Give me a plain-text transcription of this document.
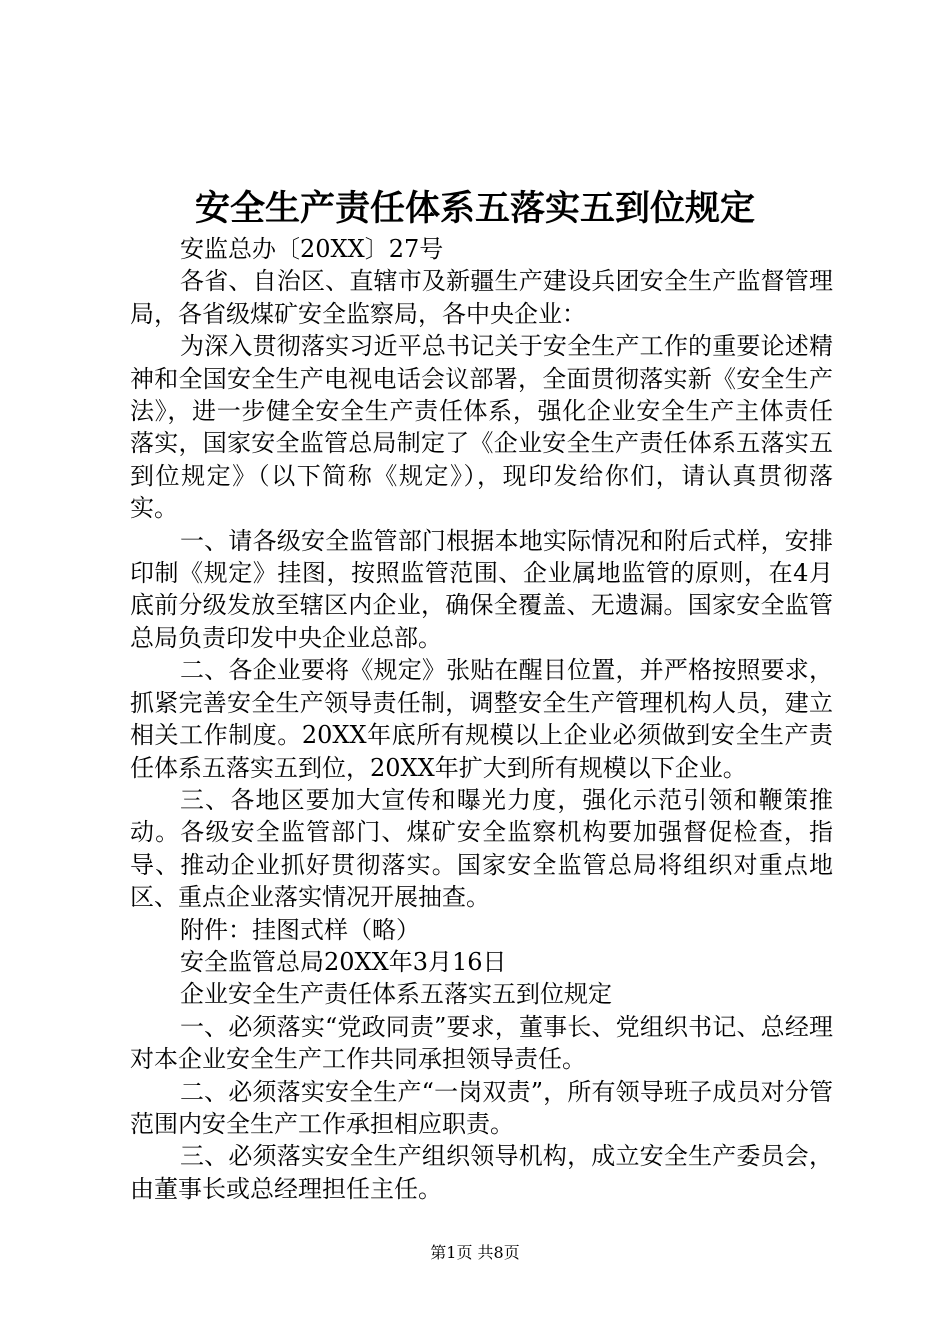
安全生产责任体系五落实五到位规定

安监总办〔20XX〕27号

各省、自治区、直辖市及新疆生产建设兵团安全生产监督管理局，各省级煤矿安全监察局，各中央企业：

为深入贯彻落实习近平总书记关于安全生产工作的重要论述精神和全国安全生产电视电话会议部署，全面贯彻落实新《安全生产法》，进一步健全安全生产责任体系，强化企业安全生产主体责任落实，国家安全监管总局制定了《企业安全生产责任体系五落实五到位规定》（以下简称《规定》），现印发给你们，请认真贯彻落实。

一、请各级安全监管部门根据本地实际情况和附后式样，安排印制《规定》挂图，按照监管范围、企业属地监管的原则，在4月底前分级发放至辖区内企业，确保全覆盖、无遗漏。国家安全监管总局负责印发中央企业总部。

二、各企业要将《规定》张贴在醒目位置，并严格按照要求，抓紧完善安全生产领导责任制，调整安全生产管理机构人员，建立相关工作制度。20XX年底所有规模以上企业必须做到安全生产责任体系五落实五到位，20XX年扩大到所有规模以下企业。

三、各地区要加大宣传和曝光力度，强化示范引领和鞭策推动。各级安全监管部门、煤矿安全监察机构要加强督促检查，指导、推动企业抓好贯彻落实。国家安全监管总局将组织对重点地区、重点企业落实情况开展抽查。

附件：挂图式样（略）

安全监管总局20XX年3月16日

企业安全生产责任体系五落实五到位规定

一、必须落实“党政同责”要求，董事长、党组织书记、总经理对本企业安全生产工作共同承担领导责任。

二、必须落实安全生产“一岗双责”，所有领导班子成员对分管范围内安全生产工作承担相应职责。

三、必须落实安全生产组织领导机构，成立安全生产委员会，由董事长或总经理担任主任。

第1页 共8页
